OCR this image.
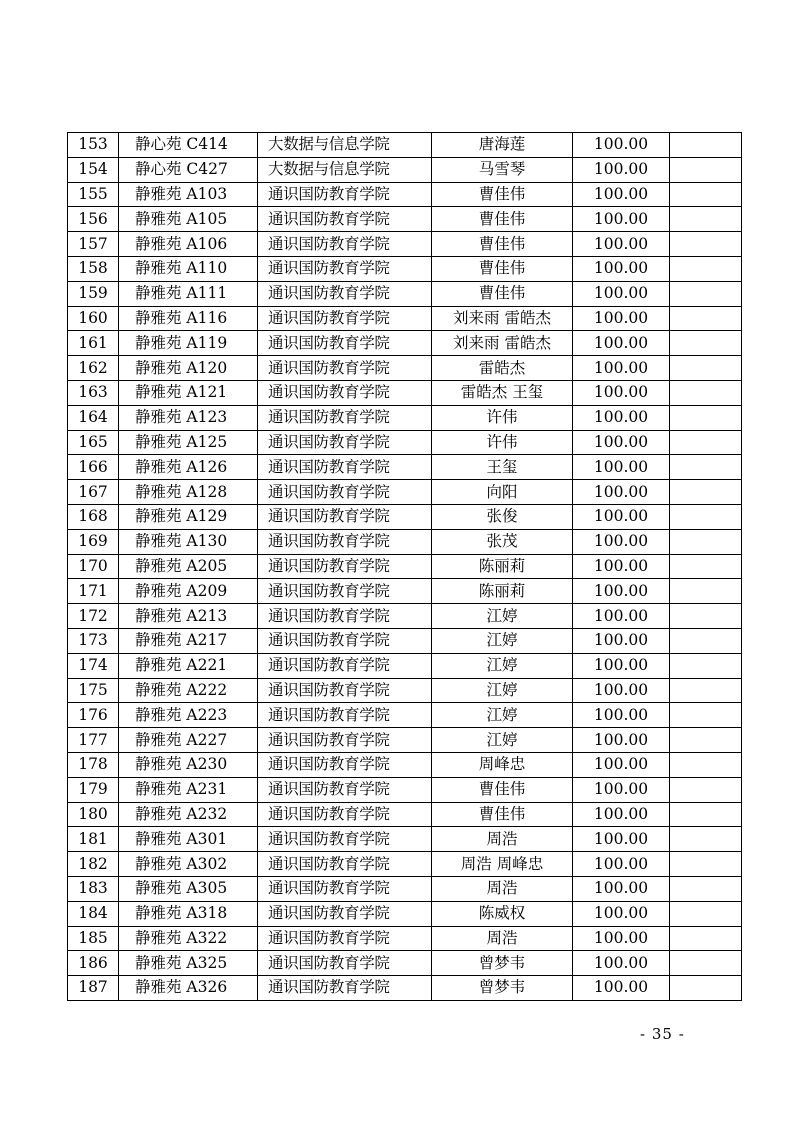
153	静心苑 C414	大数据与信息学院	唐海莲	100.00	
154	静心苑 C427	大数据与信息学院	马雪琴	100.00	
155	静雅苑 A103	通识国防教育学院	曹佳伟	100.00	
156	静雅苑 A105	通识国防教育学院	曹佳伟	100.00	
157	静雅苑 A106	通识国防教育学院	曹佳伟	100.00	
158	静雅苑 A110	通识国防教育学院	曹佳伟	100.00	
159	静雅苑 A111	通识国防教育学院	曹佳伟	100.00	
160	静雅苑 A116	通识国防教育学院	刘来雨 雷皓杰	100.00	
161	静雅苑 A119	通识国防教育学院	刘来雨 雷皓杰	100.00	
162	静雅苑 A120	通识国防教育学院	雷皓杰	100.00	
163	静雅苑 A121	通识国防教育学院	雷皓杰 王玺	100.00	
164	静雅苑 A123	通识国防教育学院	许伟	100.00	
165	静雅苑 A125	通识国防教育学院	许伟	100.00	
166	静雅苑 A126	通识国防教育学院	王玺	100.00	
167	静雅苑 A128	通识国防教育学院	向阳	100.00	
168	静雅苑 A129	通识国防教育学院	张俊	100.00	
169	静雅苑 A130	通识国防教育学院	张茂	100.00	
170	静雅苑 A205	通识国防教育学院	陈丽莉	100.00	
171	静雅苑 A209	通识国防教育学院	陈丽莉	100.00	
172	静雅苑 A213	通识国防教育学院	江婷	100.00	
173	静雅苑 A217	通识国防教育学院	江婷	100.00	
174	静雅苑 A221	通识国防教育学院	江婷	100.00	
175	静雅苑 A222	通识国防教育学院	江婷	100.00	
176	静雅苑 A223	通识国防教育学院	江婷	100.00	
177	静雅苑 A227	通识国防教育学院	江婷	100.00	
178	静雅苑 A230	通识国防教育学院	周峰忠	100.00	
179	静雅苑 A231	通识国防教育学院	曹佳伟	100.00	
180	静雅苑 A232	通识国防教育学院	曹佳伟	100.00	
181	静雅苑 A301	通识国防教育学院	周浩	100.00	
182	静雅苑 A302	通识国防教育学院	周浩 周峰忠	100.00	
183	静雅苑 A305	通识国防教育学院	周浩	100.00	
184	静雅苑 A318	通识国防教育学院	陈威权	100.00	
185	静雅苑 A322	通识国防教育学院	周浩	100.00	
186	静雅苑 A325	通识国防教育学院	曾梦韦	100.00	
187	静雅苑 A326	通识国防教育学院	曾梦韦	100.00	
- 35 -
